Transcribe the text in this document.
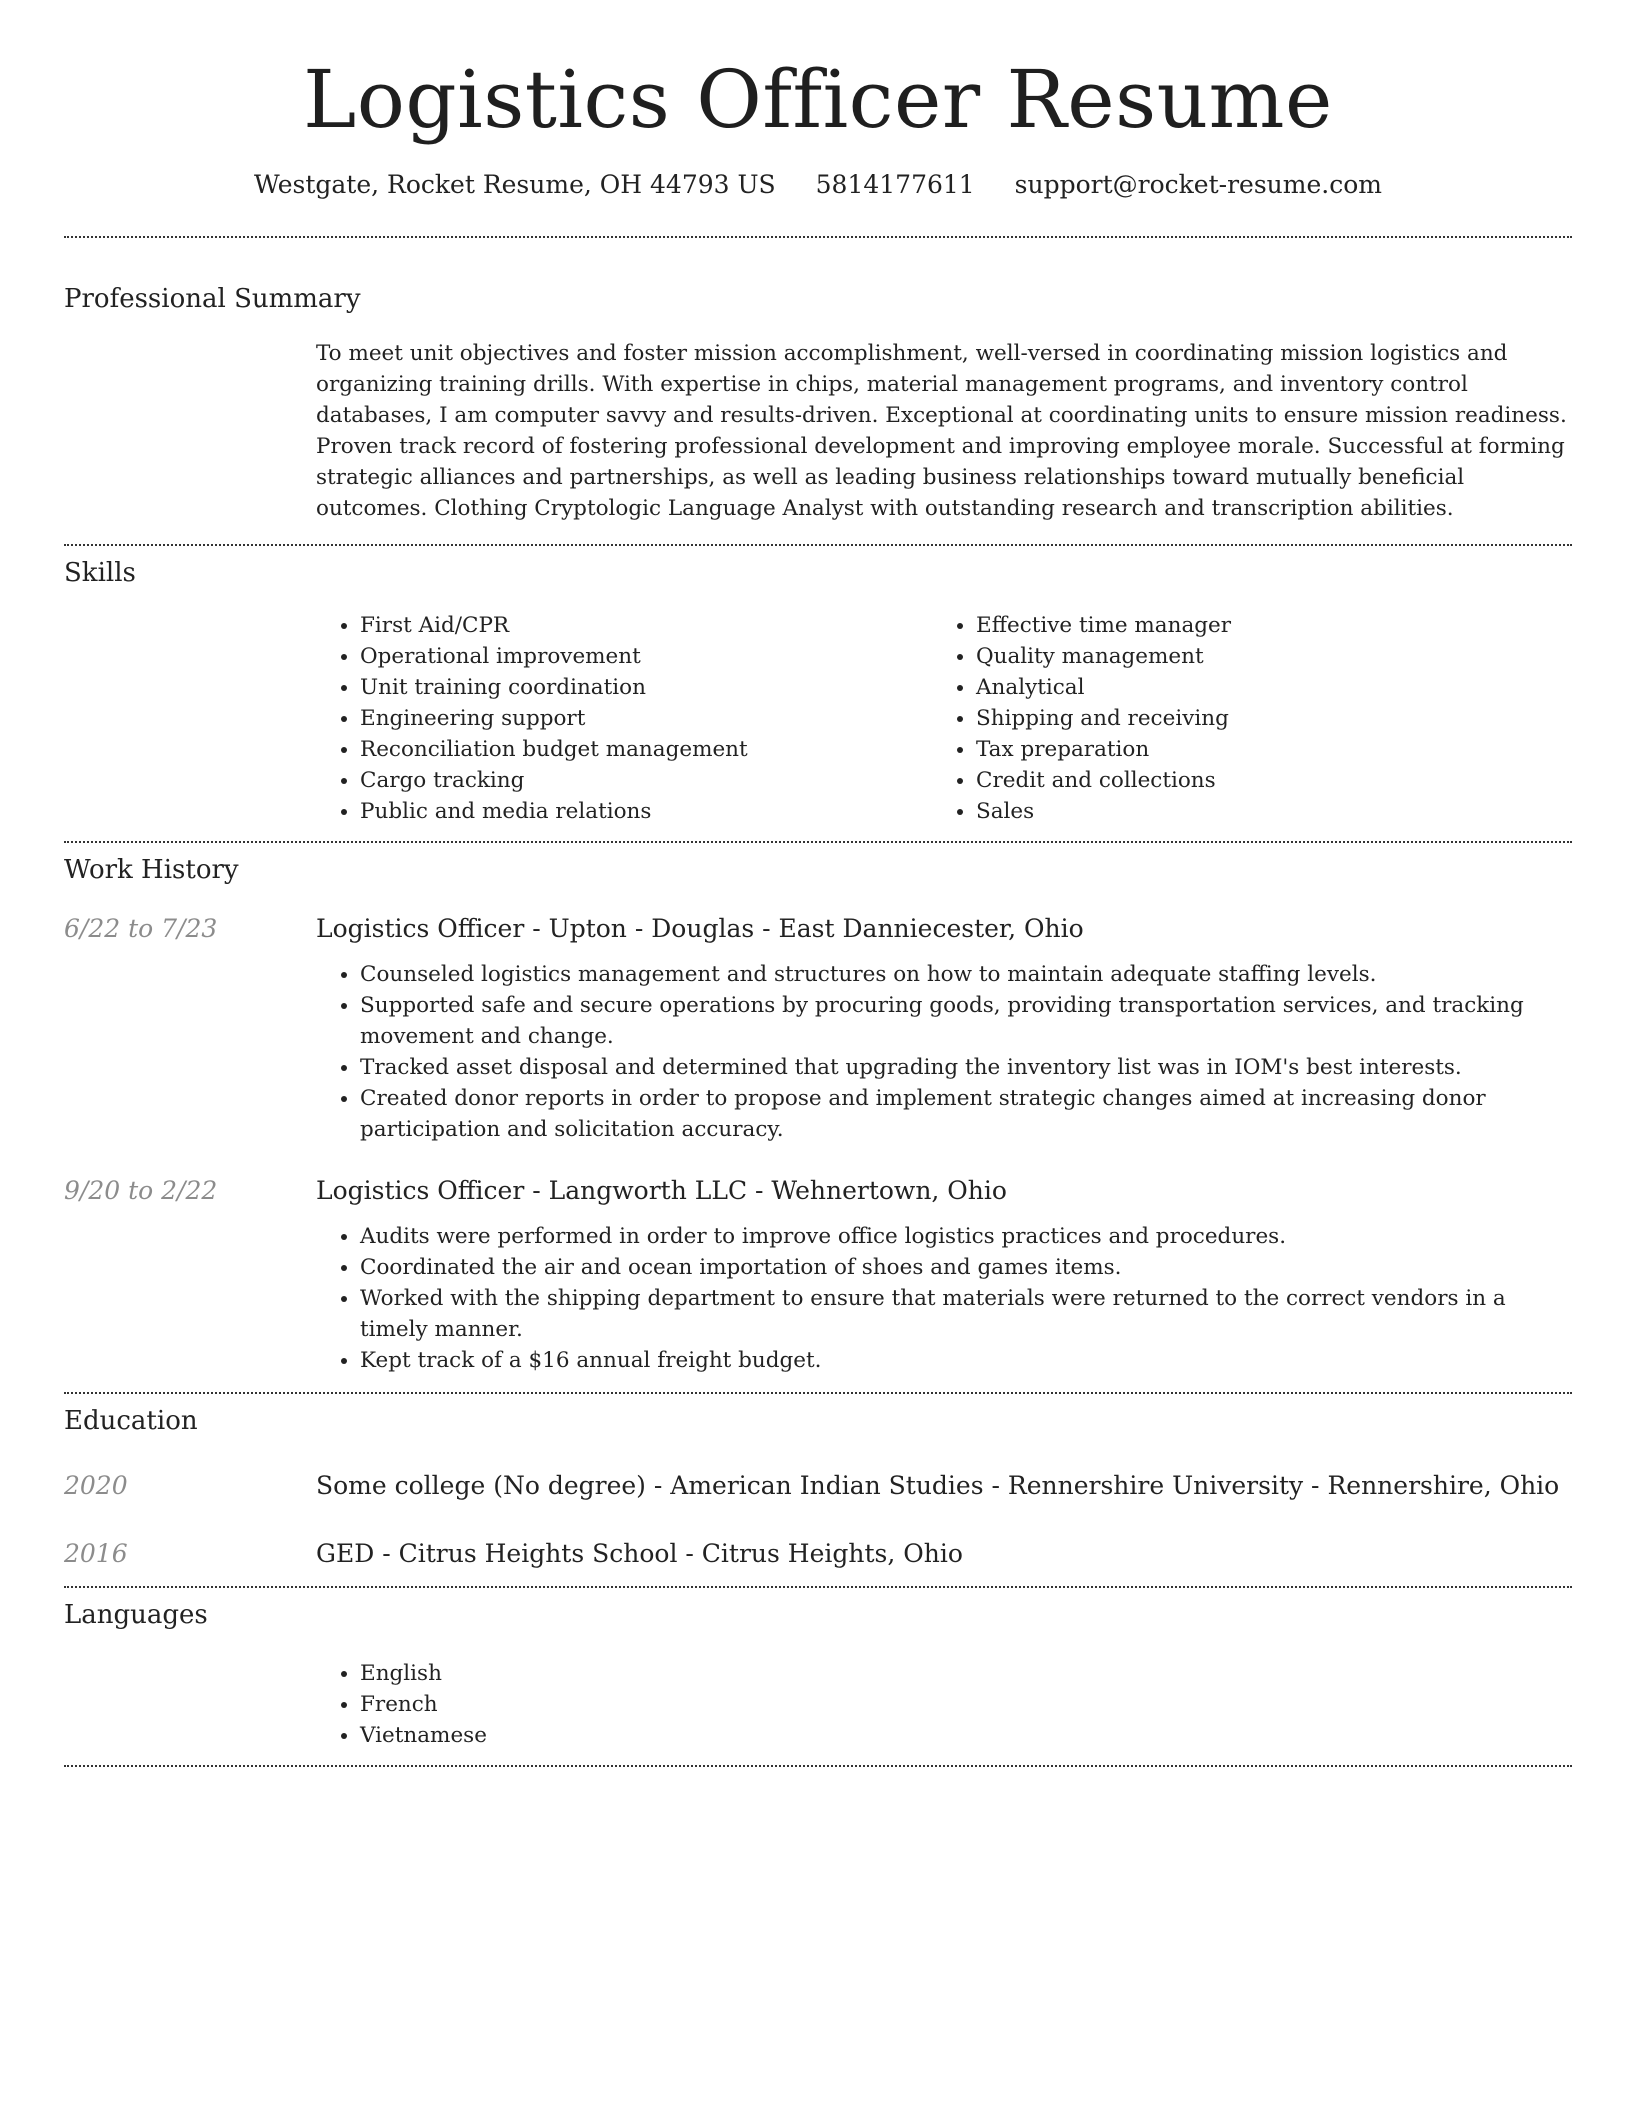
Logistics Officer Resume
Westgate, Rocket Resume, OH 44793 US 5814177611 support@rocket-resume.com
Professional Summary

To meet unit objectives and foster mission accomplishment, well-versed in coordinating mission logistics and organizing training drills. With expertise in chips, material management programs, and inventory control databases, I am computer savvy and results-driven. Exceptional at coordinating units to ensure mission readiness. Proven track record of fostering professional development and improving employee morale. Successful at forming strategic alliances and partnerships, as well as leading business relationships toward mutually beneficial outcomes. Clothing Cryptologic Language Analyst with outstanding research and transcription abilities.

Skills
• First Aid/CPR
• Operational improvement
• Unit training coordination
• Engineering support
• Reconciliation budget management
• Cargo tracking
• Public and media relations
• Effective time manager
• Quality management
• Analytical
• Shipping and receiving
• Tax preparation
• Credit and collections
• Sales
Work History
6/22 to 7/23	Logistics Officer - Upton - Douglas - East Danniecester, Ohio
• Counseled logistics management and structures on how to maintain adequate staffing levels.
• Supported safe and secure operations by procuring goods, providing transportation services, and tracking movement and change.
• Tracked asset disposal and determined that upgrading the inventory list was in IOM's best interests.
• Created donor reports in order to propose and implement strategic changes aimed at increasing donor participation and solicitation accuracy.
9/20 to 2/22	Logistics Officer - Langworth LLC - Wehnertown, Ohio
• Audits were performed in order to improve office logistics practices and procedures.
• Coordinated the air and ocean importation of shoes and games items.
• Worked with the shipping department to ensure that materials were returned to the correct vendors in a timely manner.
• Kept track of a $16 annual freight budget.
Education
2020	Some college (No degree) - American Indian Studies - Rennershire University - Rennershire, Ohio
2016	GED - Citrus Heights School - Citrus Heights, Ohio
Languages
• English
• French
• Vietnamese
